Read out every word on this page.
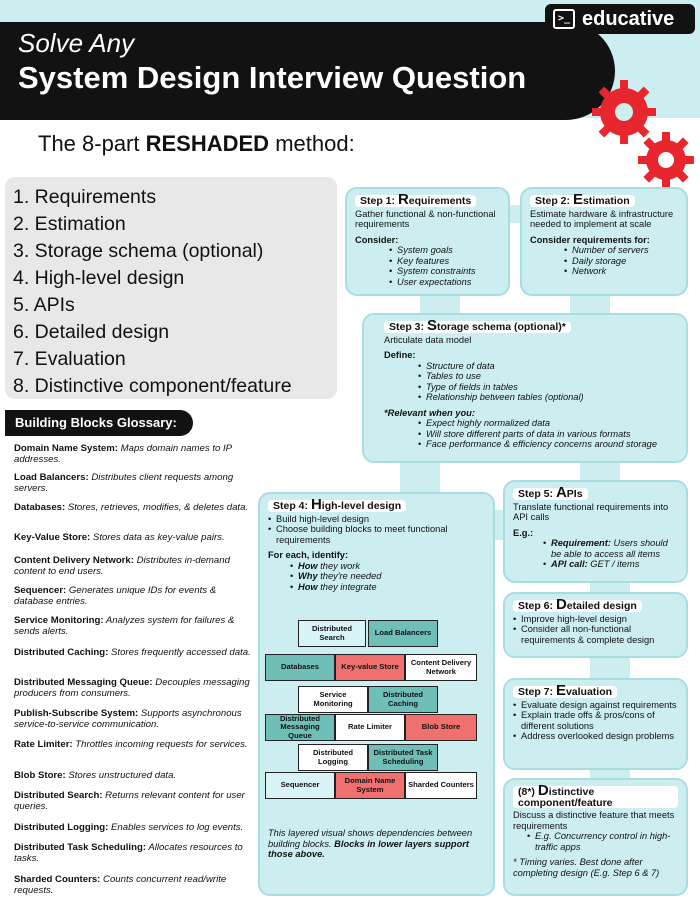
>_ educative
Solve Any
System Design Interview Question
The 8-part RESHADED method:
1. Requirements
2. Estimation
3. Storage schema (optional)
4. High-level design
5. APIs
6. Detailed design
7. Evaluation
8. Distinctive component/feature
Building Blocks Glossary:
Domain Name System: Maps domain names to IP addresses.
Load Balancers: Distributes client requests among servers.
Databases: Stores, retrieves, modifies, & deletes data.
Key-Value Store: Stores data as key-value pairs.
Content Delivery Network: Distributes in-demand content to end users.
Sequencer: Generates unique IDs for events & database entries.
Service Monitoring: Analyzes system for failures & sends alerts.
Distributed Caching: Stores frequently accessed data.
Distributed Messaging Queue: Decouples messaging producers from consumers.
Publish-Subscribe System: Supports asynchronous service-to-service communication.
Rate Limiter: Throttles incoming requests for services.
Blob Store: Stores unstructured data.
Distributed Search: Returns relevant content for user queries.
Distributed Logging: Enables services to log events.
Distributed Task Scheduling: Allocates resources to tasks.
Sharded Counters: Counts concurrent read/write requests.
Step 1: Requirements
Gather functional & non-functional requirements
Consider:
• System goals
• Key features
• System constraints
• User expectations
Step 2: Estimation
Estimate hardware & infrastructure needed to implement at scale
Consider requirements for:
• Number of servers
• Daily storage
• Network
Step 3: Storage schema (optional)*
Articulate data model
Define:
• Structure of data
• Tables to use
• Type of fields in tables
• Relationship between tables (optional)
*Relevant when you:
• Expect highly normalized data
• Will store different parts of data in various formats
• Face performance & efficiency concerns around storage
Step 4: High-level design
• Build high-level design
• Choose building blocks to meet functional requirements
For each, identify:
• How they work
• Why they're needed
• How they integrate
Distributed Search	Load Balancers
Databases	Key-value Store	Content Delivery Network
Service Monitoring
Distributed Caching
Distributed Messaging Queue
Rate Limiter	Blob Store
Distributed Logging
Distributed Task Scheduling
Sequencer	Domain Name System	Sharded Counters
This layered visual shows dependencies between building blocks. Blocks in lower layers support those above.
Step 5: APIs
Translate functional requirements into API calls
E.g.:
• Requirement: Users should be able to access all items
• API call: GET / items
Step 6: Detailed design
• Improve high-level design
• Consider all non-functional requirements & complete design
Step 7: Evaluation
• Evaluate design against requirements
• Explain trade offs & pros/cons of different solutions
• Address overlooked design problems
(8*) Distinctive component/feature
Discuss a distinctive feature that meets requirements
• E.g. Concurrency control in high-traffic apps
* Timing varies. Best done after completing design (E.g. Step 6 & 7)
